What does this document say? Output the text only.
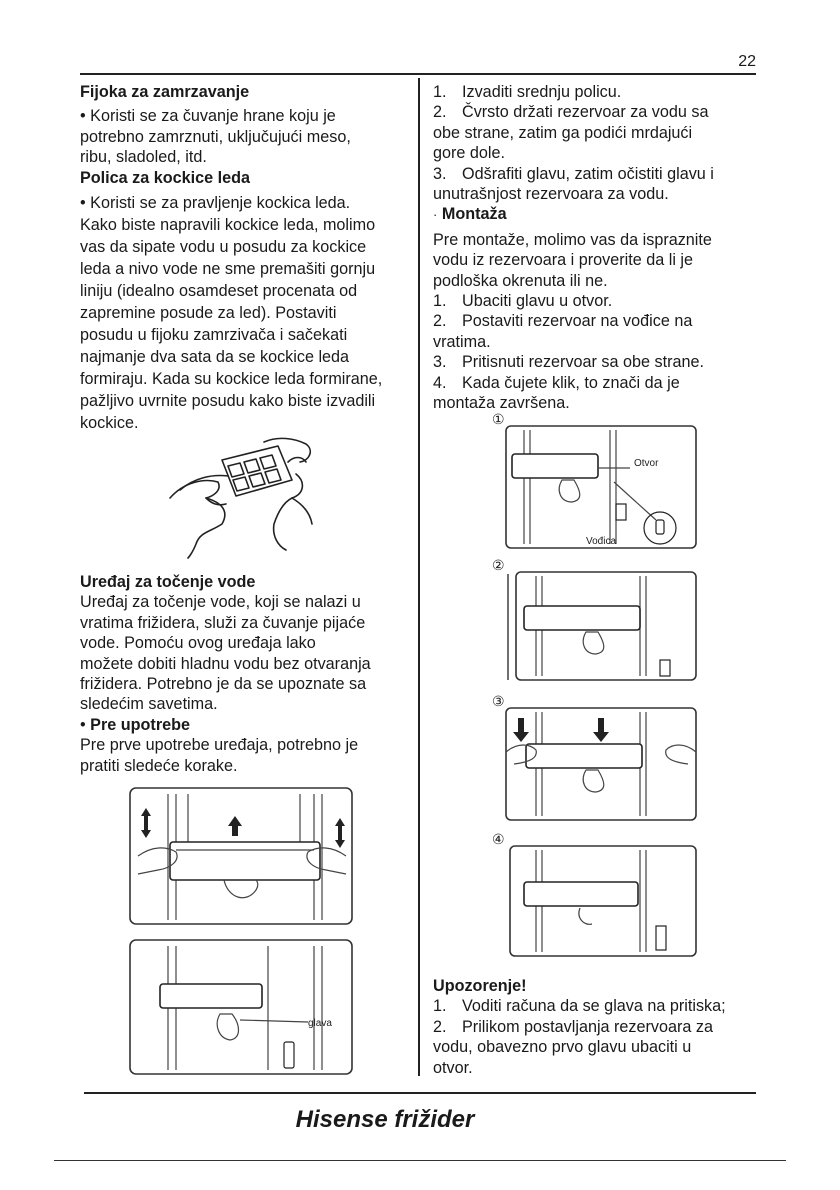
22
Fijoka za zamrzavanje
• Koristi se za čuvanje hrane koju je
potrebno zamrznuti, uključujući meso,
ribu, sladoled, itd.
Polica za kockice leda
• Koristi se za pravljenje kockica leda.
Kako biste napravili kockice leda, molimo
vas da sipate vodu u posudu za kockice
leda a nivo vode ne sme premašiti gornju
liniju (idealno osamdeset procenata od
zapremine posude za led). Postaviti
posudu u fijoku zamrzivača i sačekati
najmanje dva sata da se kockice leda
formiraju. Kada su kockice leda formirane,
pažljivo uvrnite posudu kako biste izvadili
kockice.
Uređaj za točenje vode
Uređaj za točenje vode, koji se nalazi u
vratima frižidera, služi za čuvanje pijaće
vode. Pomoću ovog uređaja lako
možete dobiti hladnu vodu bez otvaranja
frižidera. Potrebno je da se upoznate sa
sledećim savetima.
• Pre upotrebe
Pre prve upotrebe uređaja, potrebno je
pratiti sledeće korake.
glava
1. Izvaditi srednju policu.
2. Čvrsto držati rezervoar za vodu sa
obe strane, zatim ga podići mrdajući
gore dole.
3. Odšrafiti glavu, zatim očistiti glavu i
unutrašnjost rezervoara za vodu.
· Montaža
Pre montaže, molimo vas da ispraznite
vodu iz rezervoara i proverite da li je
podloška okrenuta ili ne.
1. Ubaciti glavu u otvor.
2. Postaviti rezervoar na vođice na
vratima.
3. Pritisnuti rezervoar sa obe strane.
4. Kada čujete klik, to znači da je
montaža završena.
①
Otvor
Vođica
②
③
④
Upozorenje!
1. Voditi računa da se glava na pritiska;
2. Prilikom postavljanja rezervoara za
vodu, obavezno prvo glavu ubaciti u
otvor.
Hisense frižider
